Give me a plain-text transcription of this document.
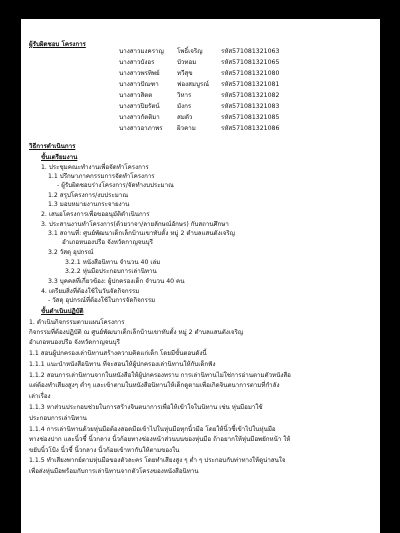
ผู้รับผิดชอบ โครงการ
นางสาวมงคราญ โพธิ์เจริญ	รหัส571081321063
นางสาวบังอร	บัวทอม	รหัส571081321065
นางสาวพรทิพย์	ทวีสุข	รหัส571081321080
นางสาวปัณฑา	ฟองสมบูรณ์ รหัส571081321081
นางสาวสิตต	วิหาร	รหัส571081321082
นางสาวปิยรัตน์	มังกร	รหัส571081321083
นางสาวกัตติมา	สมตัว	รหัส571081321085
นางสาวอาภาพร ผิวคาม	รหัส571081321086
วิธีการดำเนินการ
ขั้นเตรียมงาน
1. ประชุมคณะทำงานเพื่อจัดทำโครงการ
1.1 ปรึกษาภาคกรรมการจัดทำโครงการ
- ผู้รับผิดชอบร่างโครงการ/จัดทำงบประมาณ
1.2 สรุปโครงการ/งบประมาณ
1.3 มอบหมายงานกระจายงาน
2. เสนอโครงการเพื่อขออนุมัติดำเนินการ
3. ประสานงานทำโครงการ(ด้วยวาจา/ลายลักษณ์อักษร) กับสถานศึกษา
3.1 สถานที่: ศูนย์พัฒนาเด็กเล็กบ้านเขาทับตั้ง หมู่ 2 ตำบลแสนตังเจริญ
อำเภอหนองปรือ จังหวัดกาญจนบุรี
3.2 วัสดุ อุปกรณ์
3.2.1 หนังสือนิทาน จำนวน 40 เล่ม
3.2.2 หุ่นมือประกอบการเล่านิทาน
3.3 บุคคลที่เกี่ยวข้อง: ผู้ปกครองเด็ก จำนวน 40 คน
4. เตรียมสิ่งที่ต้องใช้ในวันจัดกิจกรรม
- วัสดุ อุปกรณ์ที่ต้องใช้ในการจัดกิจกรรม
ขั้นดำเนินปฏิบัติ
1. ดำเนินกิจกรรมตามแผนโครงการ
กิจกรรมที่ต้องปฏิบัติ ณ ศูนย์พัฒนาเด็กเล็กบ้านเขาทับตั้ง หมู่ 2 ตำบลแสนตังเจริญ
อำเภอหนองปรือ จังหวัดกาญจนบุรี
1.1 สอนผู้ปกครองเล่านิทานสร้างความคิดแก่เด็ก โดยมีขั้นตอนดังนี้
1.1.1 แนะนำหนังสือนิทาน ที่จะสอนให้ผู้ปกครองเล่านิทานให้กับเด็กฟัง
1.1.2 สอนการเล่านิทานจากในหนังสือให้ผู้ปกครองทราบ การเล่านิทานไม่ใช่การอ่านตามตัวหนังสือ
แต่ต้องทำเสียงสูงๆ ต่ำๆ และเข้าตามในหนังสือนิทานให้เด็กดูตามเพื่อเกิดจินตนาการตามที่กำลัง
เล่าเรื่อง
1.1.3 หาส่วนประกอบช่วยในการสร้างจินตนาการเพื่อให้เข้าใจในนิทาน เช่น หุ่นมือมาใช้
ประกอบการเล่านิทาน
1.1.4 การเล่านิทานด้วยหุ่นมือต้องสอดมือเข้าไปในหุ่นมือทุกนิ้วมือ โดยให้นิ้วชี้เข้าไปในหุ่นมือ
ทางช่องปาก และนิ้วชี้ นิ้วกลาง นิ้วก้อยทางช่องหน้าส่วนบนของหุ่นมือ ถ้าอยากให้หุ่นมือพยักหน้า ให้
ขยับนิ้วโป้ง นิ้วชี้ นิ้วกลาง นิ้วก้อยเข้าหากันให้ตามของใน
1.1.5 ทำเสียงพากย์ตามหุ่นมือของตัวละคร โดยทำเสียงสูง ๆ ต่ำ ๆ ประกอบกับท่าทางให้ดูน่าสนใจ
เพื่อส่งหุ่นมือพร้อมกับการเล่านิทานจากตัวโครงของหนังสือนิทาน
